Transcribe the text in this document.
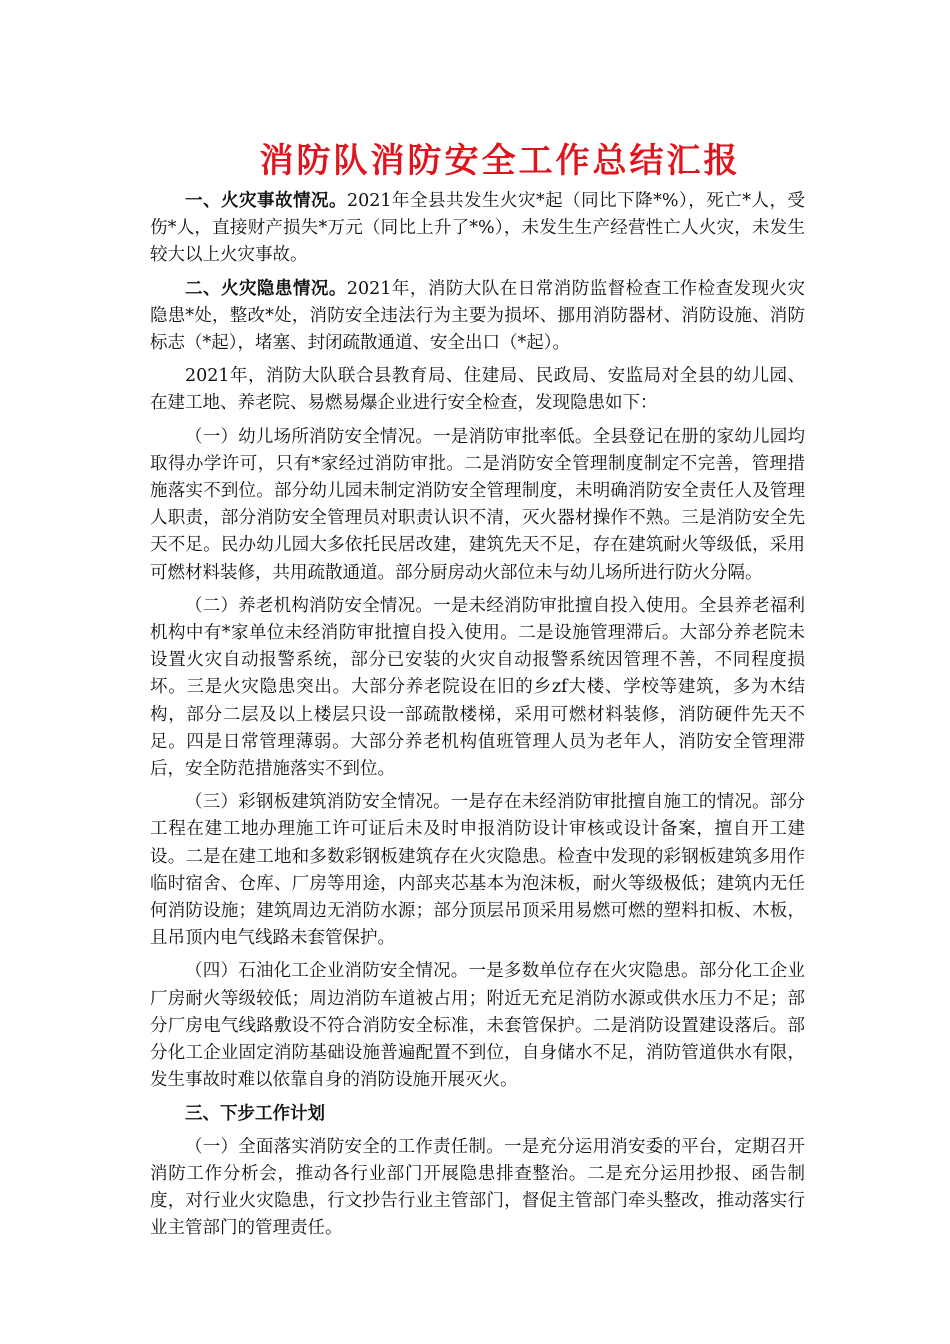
消防队消防安全工作总结汇报

一、火灾事故情况。2021年全县共发生火灾*起（同比下降*%），死亡*人，受伤*人，直接财产损失*万元（同比上升了*%），未发生生产经营性亡人火灾，未发生较大以上火灾事故。

二、火灾隐患情况。2021年，消防大队在日常消防监督检查工作检查发现火灾隐患*处，整改*处，消防安全违法行为主要为损坏、挪用消防器材、消防设施、消防标志（*起），堵塞、封闭疏散通道、安全出口（*起）。

2021年，消防大队联合县教育局、住建局、民政局、安监局对全县的幼儿园、在建工地、养老院、易燃易爆企业进行安全检查，发现隐患如下：

（一）幼儿场所消防安全情况。一是消防审批率低。全县登记在册的家幼儿园均取得办学许可，只有*家经过消防审批。二是消防安全管理制度制定不完善，管理措施落实不到位。部分幼儿园未制定消防安全管理制度，未明确消防安全责任人及管理人职责，部分消防安全管理员对职责认识不清，灭火器材操作不熟。三是消防安全先天不足。民办幼儿园大多依托民居改建，建筑先天不足，存在建筑耐火等级低，采用可燃材料装修，共用疏散通道。部分厨房动火部位未与幼儿场所进行防火分隔。

（二）养老机构消防安全情况。一是未经消防审批擅自投入使用。全县养老福利机构中有*家单位未经消防审批擅自投入使用。二是设施管理滞后。大部分养老院未设置火灾自动报警系统，部分已安装的火灾自动报警系统因管理不善，不同程度损坏。三是火灾隐患突出。大部分养老院设在旧的乡zf大楼、学校等建筑，多为木结构，部分二层及以上楼层只设一部疏散楼梯，采用可燃材料装修，消防硬件先天不足。四是日常管理薄弱。大部分养老机构值班管理人员为老年人，消防安全管理滞后，安全防范措施落实不到位。

（三）彩钢板建筑消防安全情况。一是存在未经消防审批擅自施工的情况。部分工程在建工地办理施工许可证后未及时申报消防设计审核或设计备案，擅自开工建设。二是在建工地和多数彩钢板建筑存在火灾隐患。检查中发现的彩钢板建筑多用作临时宿舍、仓库、厂房等用途，内部夹芯基本为泡沫板，耐火等级极低；建筑内无任何消防设施；建筑周边无消防水源；部分顶层吊顶采用易燃可燃的塑料扣板、木板，且吊顶内电气线路未套管保护。

（四）石油化工企业消防安全情况。一是多数单位存在火灾隐患。部分化工企业厂房耐火等级较低；周边消防车道被占用；附近无充足消防水源或供水压力不足；部分厂房电气线路敷设不符合消防安全标准，未套管保护。二是消防设置建设落后。部分化工企业固定消防基础设施普遍配置不到位，自身储水不足，消防管道供水有限，发生事故时难以依靠自身的消防设施开展灭火。

三、下步工作计划

（一）全面落实消防安全的工作责任制。一是充分运用消安委的平台，定期召开消防工作分析会，推动各行业部门开展隐患排查整治。二是充分运用抄报、函告制度，对行业火灾隐患，行文抄告行业主管部门，督促主管部门牵头整改，推动落实行业主管部门的管理责任。
